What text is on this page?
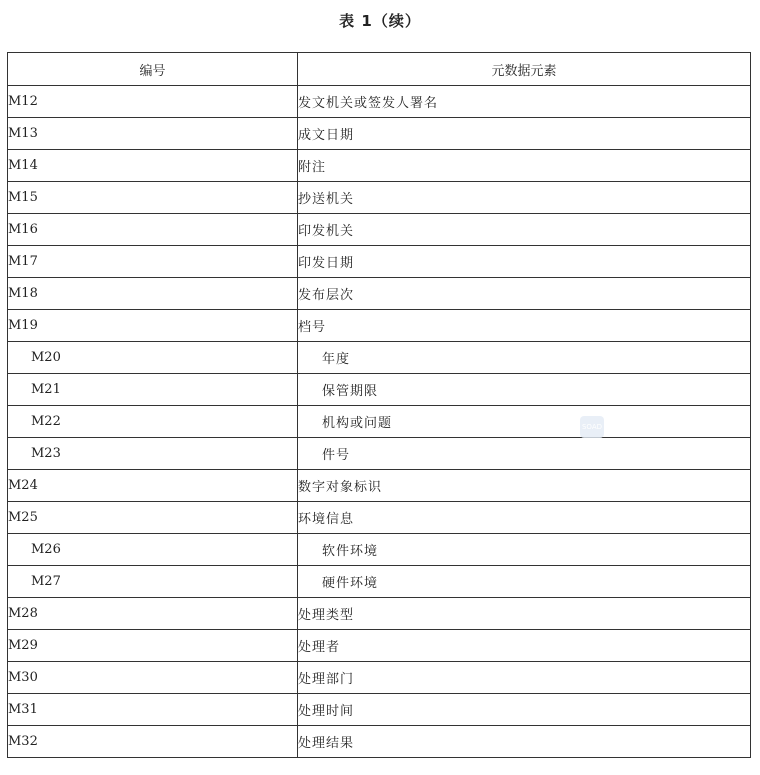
表 1（续）
编号	元数据元素
M12	发文机关或签发人署名
M13	成文日期
M14	附注
M15	抄送机关
M16	印发机关
M17	印发日期
M18	发布层次
M19	档号
M20	年度
M21	保管期限
M22	机构或问题
M23	件号
M24	数字对象标识
M25	环境信息
M26	软件环境
M27	硬件环境
M28	处理类型
M29	处理者
M30	处理部门
M31	处理时间
M32	处理结果
SOAD
